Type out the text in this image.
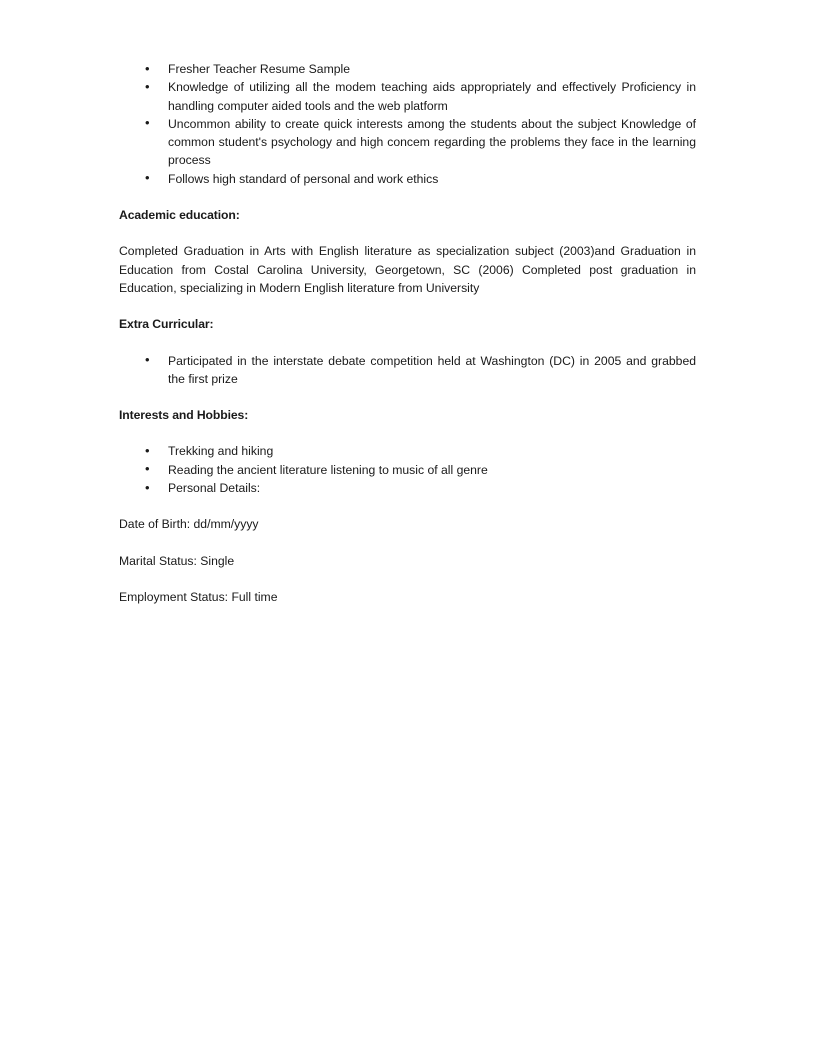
• Fresher Teacher Resume Sample
• Knowledge of utilizing all the modem teaching aids appropriately and effectively Proficiency in handling computer aided tools and the web platform
• Uncommon ability to create quick interests among the students about the subject Knowledge of common student's psychology and high concem regarding the problems they face in the learning process
• Follows high standard of personal and work ethics
Academic education:
Completed Graduation in Arts with English literature as specialization subject (2003)and Graduation in Education from Costal Carolina University, Georgetown, SC (2006) Completed post graduation in Education, specializing in Modern English literature from University
Extra Curricular:
• Participated in the interstate debate competition held at Washington (DC) in 2005 and grabbed the first prize
Interests and Hobbies:
• Trekking and hiking
• Reading the ancient literature listening to music of all genre
• Personal Details:
Date of Birth: dd/mm/yyyy
Marital Status: Single
Employment Status: Full time
